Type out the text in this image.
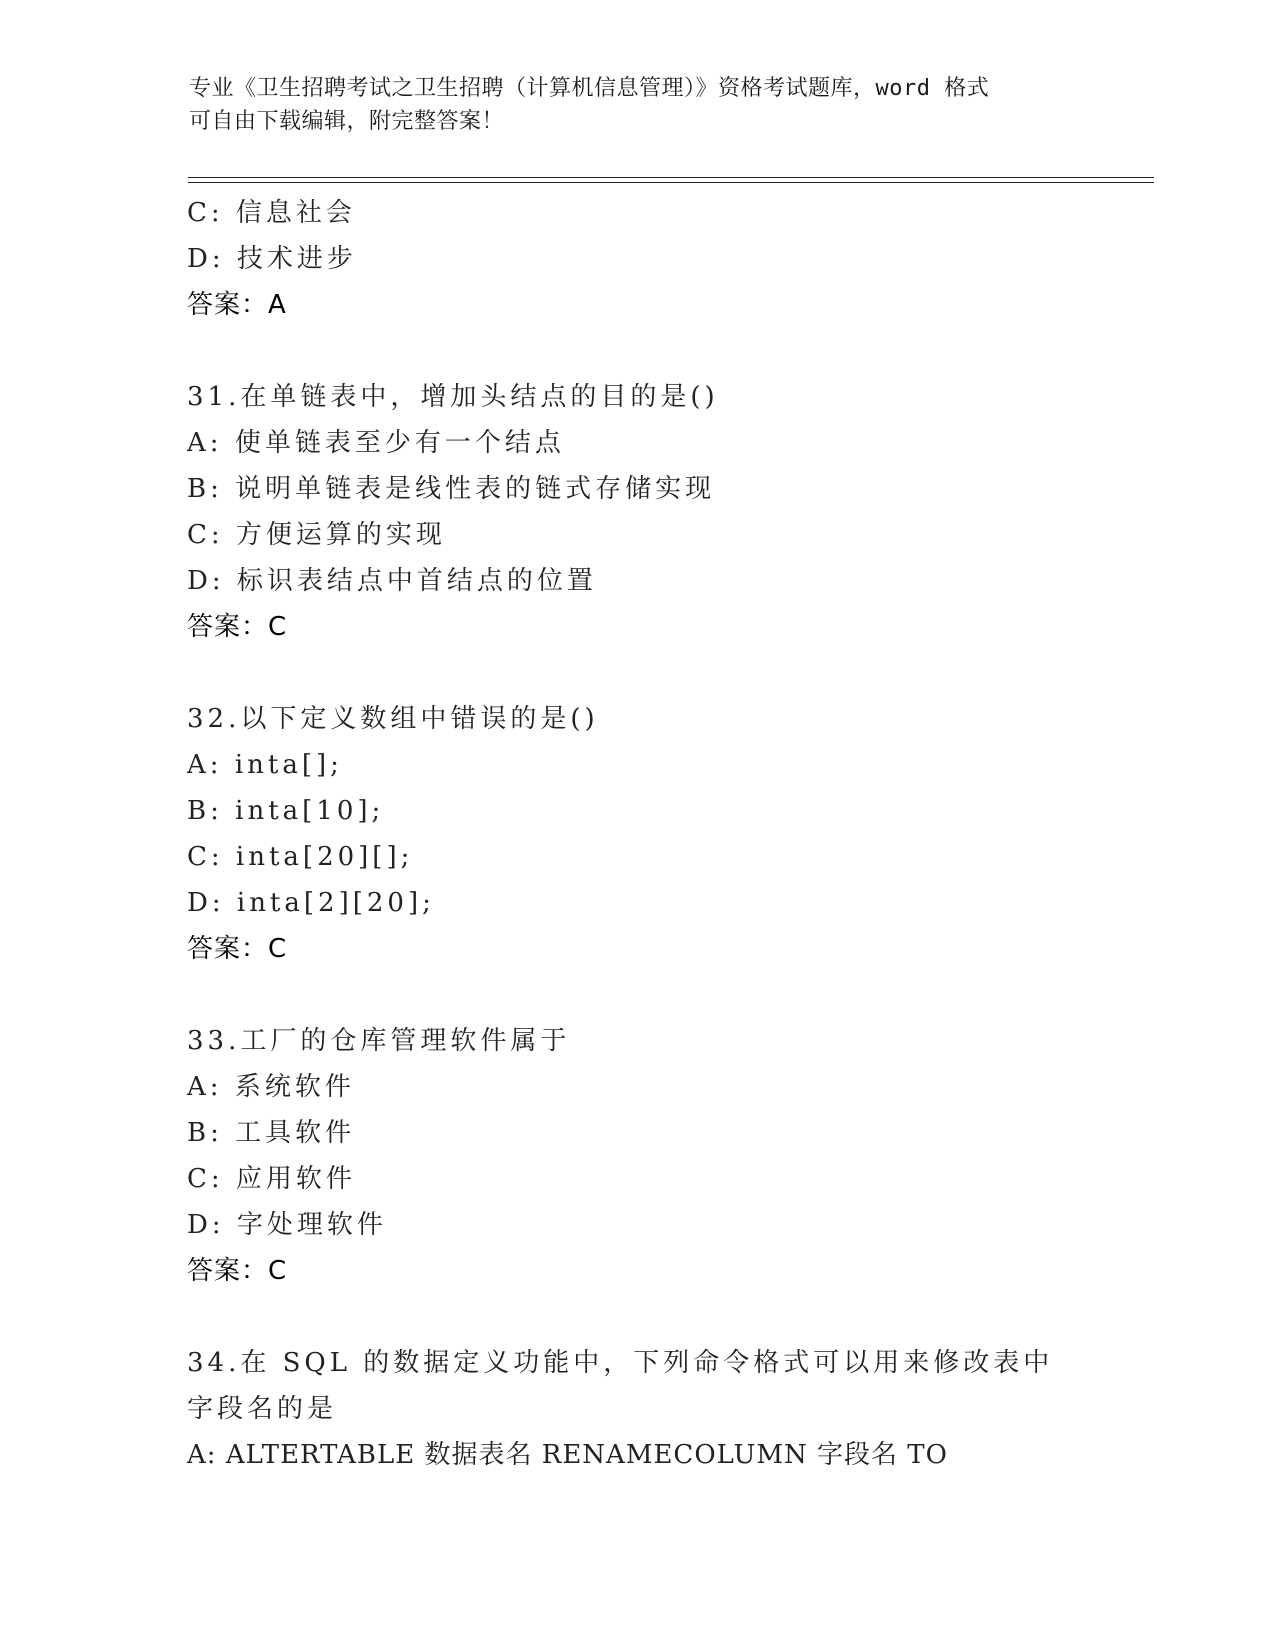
专业《卫生招聘考试之卫生招聘（计算机信息管理）》资格考试题库，word 格式
可自由下载编辑，附完整答案！
C: 信息社会
D: 技术进步
答案：A
31.在单链表中，增加头结点的目的是()
A: 使单链表至少有一个结点
B: 说明单链表是线性表的链式存储实现
C: 方便运算的实现
D: 标识表结点中首结点的位置
答案：C
32.以下定义数组中错误的是()
A: inta[];
B: inta[10];
C: inta[20][];
D: inta[2][20];
答案：C
33.工厂的仓库管理软件属于
A: 系统软件
B: 工具软件
C: 应用软件
D: 字处理软件
答案：C
34.在 SQL 的数据定义功能中，下列命令格式可以用来修改表中字段名的是
A: ALTERTABLE 数据表名 RENAMECOLUMN 字段名 TO
